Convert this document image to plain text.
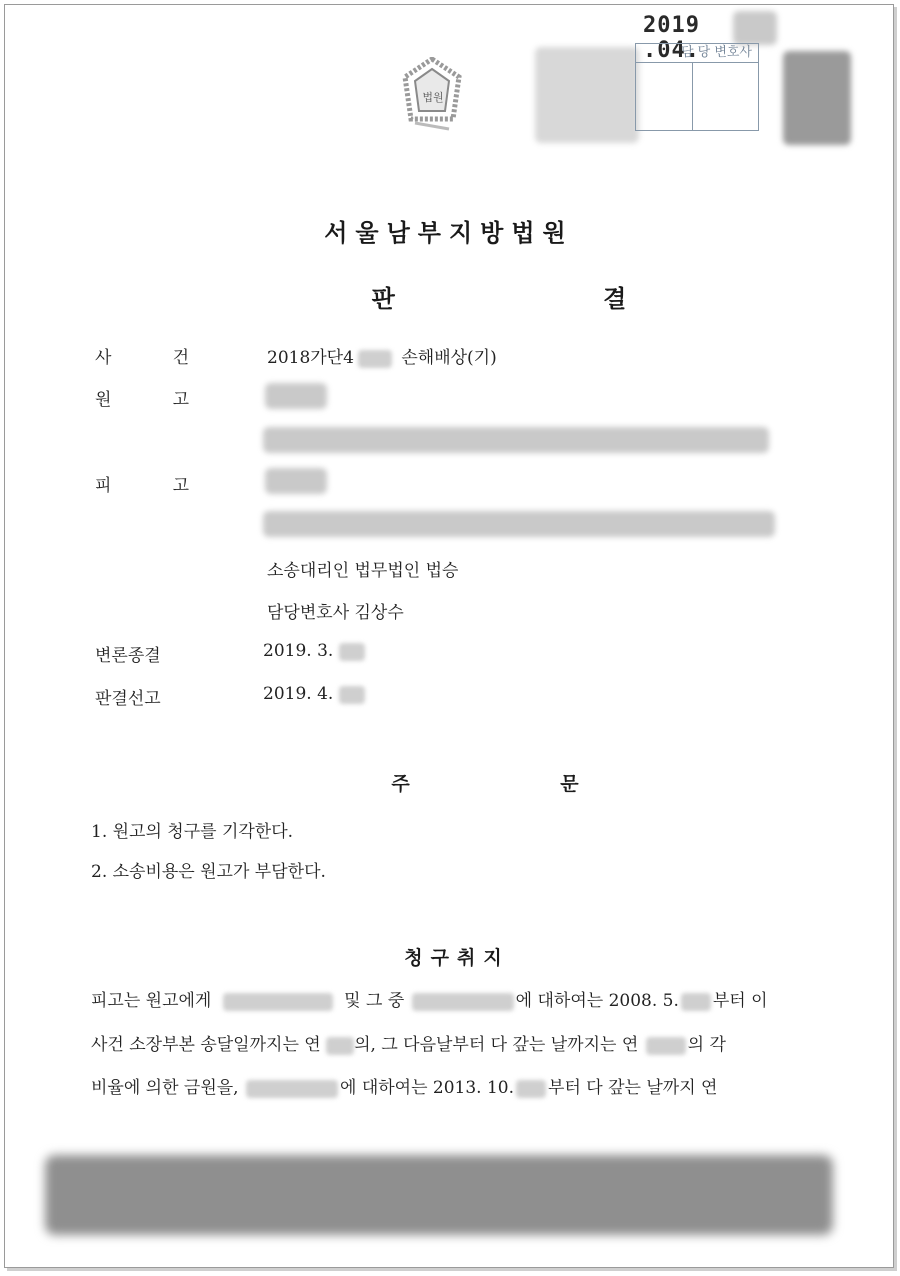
2019 .04.
법원
담 당 변호사
서울남부지방법원
판 결
사 건	2018가단4	손해배상(기)
원 고
피 고
소송대리인 법무법인 법승
담당변호사 김상수
변론종결	2019. 3.
판결선고	2019. 4.
주 문
1. 원고의 청구를 기각한다.
2. 소송비용은 원고가 부담한다.
청구취지
피고는 원고에게	및 그 중	에 대하여는 2008. 5. 부터 이
사건 소장부본 송달일까지는 연 의, 그 다음날부터 다 갚는 날까지는 연	의 각
비율에 의한 금원을,	에 대하여는 2013. 10. 부터 다 갚는 날까지 연
